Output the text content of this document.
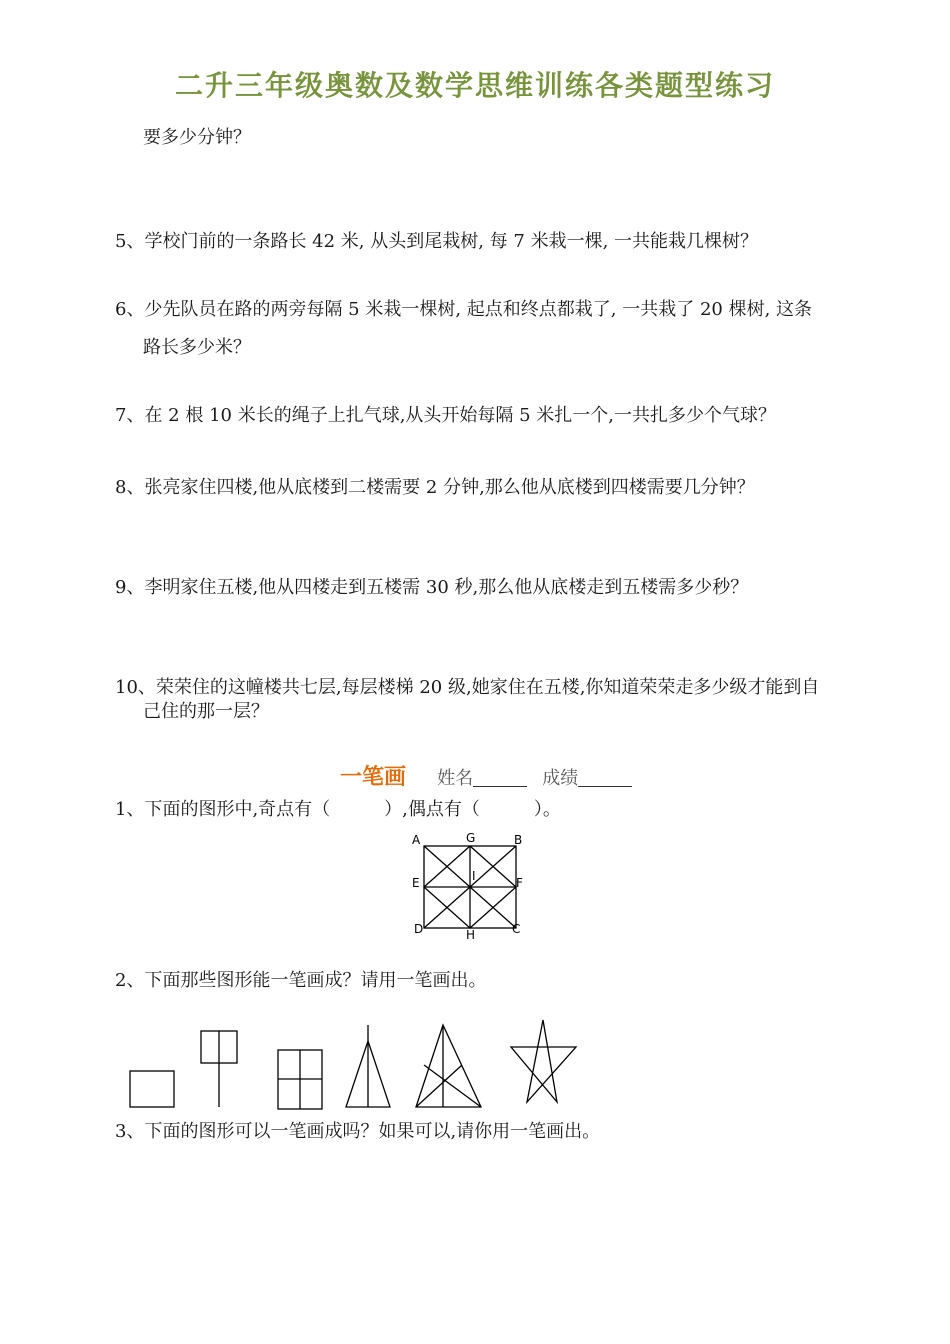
二升三年级奥数及数学思维训练各类题型练习
要多少分钟？
5、学校门前的一条路长 42 米, 从头到尾栽树, 每 7 米栽一棵, 一共能栽几棵树？
6、少先队员在路的两旁每隔 5 米栽一棵树, 起点和终点都栽了, 一共栽了 20 棵树, 这条
路长多少米？
7、在 2 根 10 米长的绳子上扎气球,从头开始每隔 5 米扎一个,一共扎多少个气球？
8、张亮家住四楼,他从底楼到二楼需要 2 分钟,那么他从底楼到四楼需要几分钟？
9、李明家住五楼,他从四楼走到五楼需 30 秒,那么他从底楼走到五楼需多少秒？
10、荣荣住的这幢楼共七层,每层楼梯 20 级,她家住在五楼,你知道荣荣走多少级才能到自
己住的那一层？
一笔画 姓名	成绩
1、下面的图形中,奇点有（　　　）,偶点有（　　　）。
A	G	B
E	I	F
D	H	C
2、下面那些图形能一笔画成？请用一笔画出。
3、下面的图形可以一笔画成吗？如果可以,请你用一笔画出。
